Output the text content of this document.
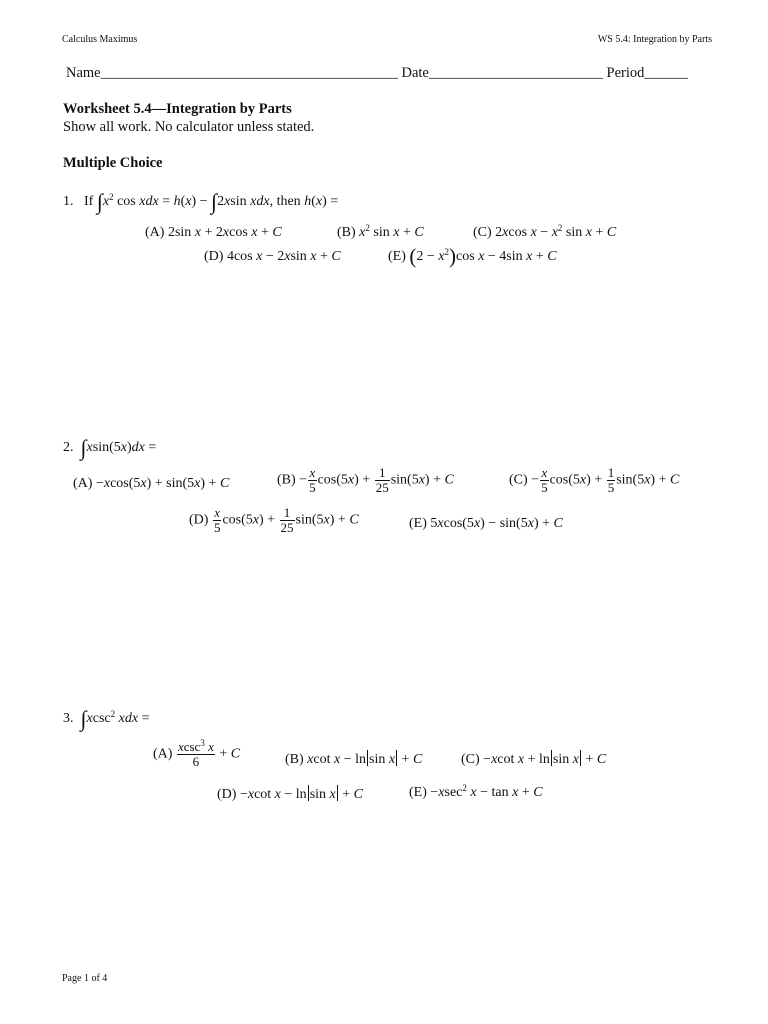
Calculus Maximus	WS 5.4: Integration by Parts
Name_________________________________________ Date________________________ Period______
Worksheet 5.4—Integration by Parts
Show all work. No calculator unless stated.
Multiple Choice
1. If $\int x^2$ cos xdx = h(x) − ∫2xsin xdx, then h(x) =
(A) 2sin x + 2xcos x + C	(B) $x^2$ sin x + C	(C) 2xcos $x - x^2$ sin x + C
(D) 4cos x − 2xsin x + C	(E) $(2 - x^2)\cos$ x − 4sin x + C
2. ∫xsin(5x)dx =
(A) −xcos(5x) + sin(5x) + C	$(B) - \frac{x}{5} \cos(5x) + \frac{1}{25} \sin(5x) + C$	$(C) - \frac{x}{5} \cos(5x) + \frac{1}{5} \sin(5x) + C$
$(D) \frac{x}{5} \cos(5x) + \frac{1}{25} \sin(5x) + C$	(E) 5xcos(5x) − sin(5x) + C
3. ∫xcsc$^2$ xdx =
$(A) \frac{xcsc^3 x}{6} + C$	(B) xcot x − ln sin x + C	(C) −xcot x + ln sin x + C
(D) −xcot x − ln sin x + C	(E) −xsec$^2$ x − tan x + C
Page 1 of 4
